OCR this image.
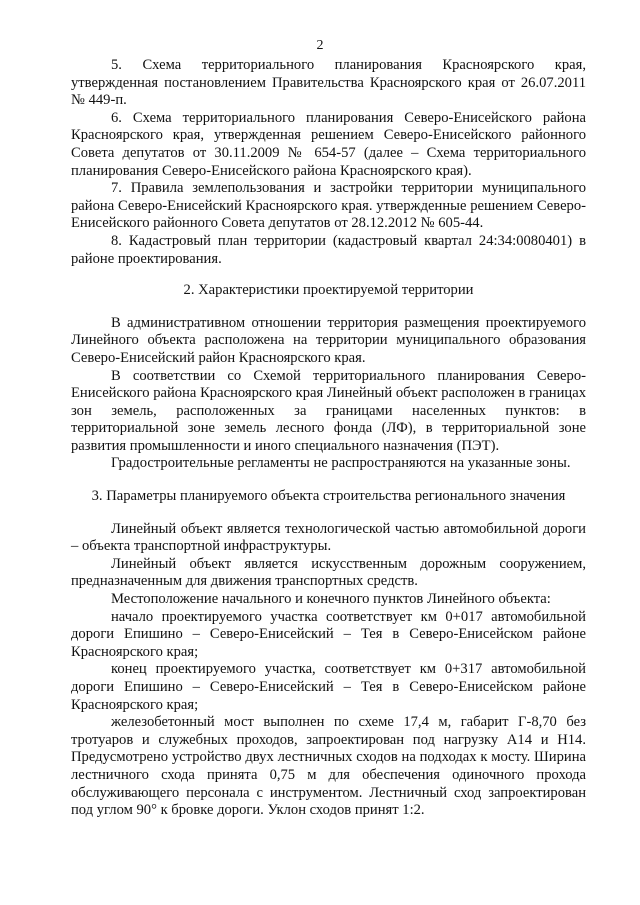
2

5. Схема территориального планирования Красноярского края, утвержденная постановлением Правительства Красноярского края от 26.07.2011 № 449-п.

6. Схема территориального планирования Северо-Енисейского района Красноярского края, утвержденная решением Северо-Енисейского районного Совета депутатов от 30.11.2009 № 654-57 (далее – Схема территориального планирования Северо-Енисейского района Красноярского края).

7. Правила землепользования и застройки территории муниципального района Северо-Енисейский Красноярского края. утвержденные решением Северо-Енисейского районного Совета депутатов от 28.12.2012 № 605-44.

8. Кадастровый план территории (кадастровый квартал 24:34:0080401) в районе проектирования.

2. Характеристики проектируемой территории

В административном отношении территория размещения проектируемого Линейного объекта расположена на территории муниципального образования Северо-Енисейский район Красноярского края.

В соответствии со Схемой территориального планирования Северо-Енисейского района Красноярского края Линейный объект расположен в границах зон земель, расположенных за границами населенных пунктов: в территориальной зоне земель лесного фонда (ЛФ), в территориальной зоне развития промышленности и иного специального назначения (ПЭТ).

Градостроительные регламенты не распространяются на указанные зоны.

3. Параметры планируемого объекта строительства регионального значения

Линейный объект является технологической частью автомобильной дороги – объекта транспортной инфраструктуры.

Линейный объект является искусственным дорожным сооружением, предназначенным для движения транспортных средств.

Местоположение начального и конечного пунктов Линейного объекта:

начало проектируемого участка соответствует км 0+017 автомобильной дороги Епишино – Северо-Енисейский – Тея в Северо-Енисейском районе Красноярского края;

конец проектируемого участка, соответствует км 0+317 автомобильной дороги Епишино – Северо-Енисейский – Тея в Северо-Енисейском районе Красноярского края;

железобетонный мост выполнен по схеме 17,4 м, габарит Г-8,70 без тротуаров и служебных проходов, запроектирован под нагрузку А14 и Н14. Предусмотрено устройство двух лестничных сходов на подходах к мосту. Ширина лестничного схода принята 0,75 м для обеспечения одиночного прохода обслуживающего персонала с инструментом. Лестничный сход запроектирован под углом 90° к бровке дороги. Уклон сходов принят 1:2.
